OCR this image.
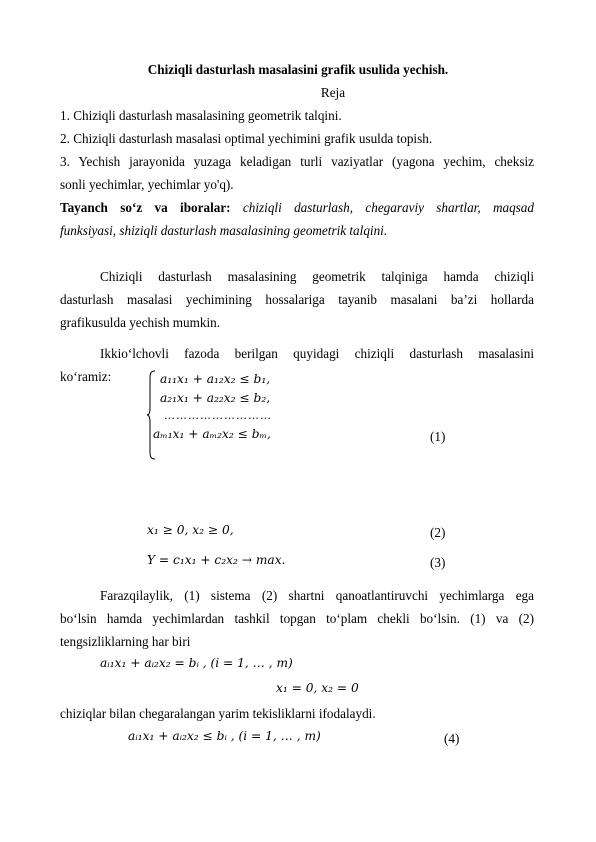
Chiziqli dasturlash masalasini grafik usulida yechish.
Reja
1. Chiziqli dasturlash masalasining geometrik talqini.
2. Chiziqli dasturlash masalasi optimal yechimini grafik usulda topish.
3. Yechish jarayonida yuzaga keladigan turli vaziyatlar (yagona yechim, cheksiz
sonli yechimlar, yechimlar yo'q).
Tayanch so‘z va iboralar: chiziqli dasturlash, chegaraviy shartlar, maqsad
funksiyasi, shiziqli dasturlash masalasining geometrik talqini.
Chiziqli dasturlash masalasining geometrik talqiniga hamda chiziqli
dasturlash masalasi yechimining hossalariga tayanib masalani ba’zi hollarda
grafikusulda yechish mumkin.
Ikkio‘lchovli fazoda berilgan quyidagi chiziqli dasturlash masalasini
ko‘ramiz:	a₁₁x₁ + a₁₂x₂ ≤ b₁,
a₂₁x₁ + a₂₂x₂ ≤ b₂,
………………………
aₘ₁x₁ + aₘ₂x₂ ≤ bₘ,	(1)
x₁ ≥ 0, x₂ ≥ 0,	(2)
Y = c₁x₁ + c₂x₂ → max.	(3)
Farazqilaylik, (1) sistema (2) shartni qanoatlantiruvchi yechimlarga ega
bo‘lsin hamda yechimlardan tashkil topgan to‘plam chekli bo‘lsin. (1) va (2)
tengsizliklarning har biri
aᵢ₁x₁ + aᵢ₂x₂ = bᵢ , (i = 1, … , m)
x₁ = 0, x₂ = 0
chiziqlar bilan chegaralangan yarim tekisliklarni ifodalaydi.
aᵢ₁x₁ + aᵢ₂x₂ ≤ bᵢ , (i = 1, … , m)	(4)
